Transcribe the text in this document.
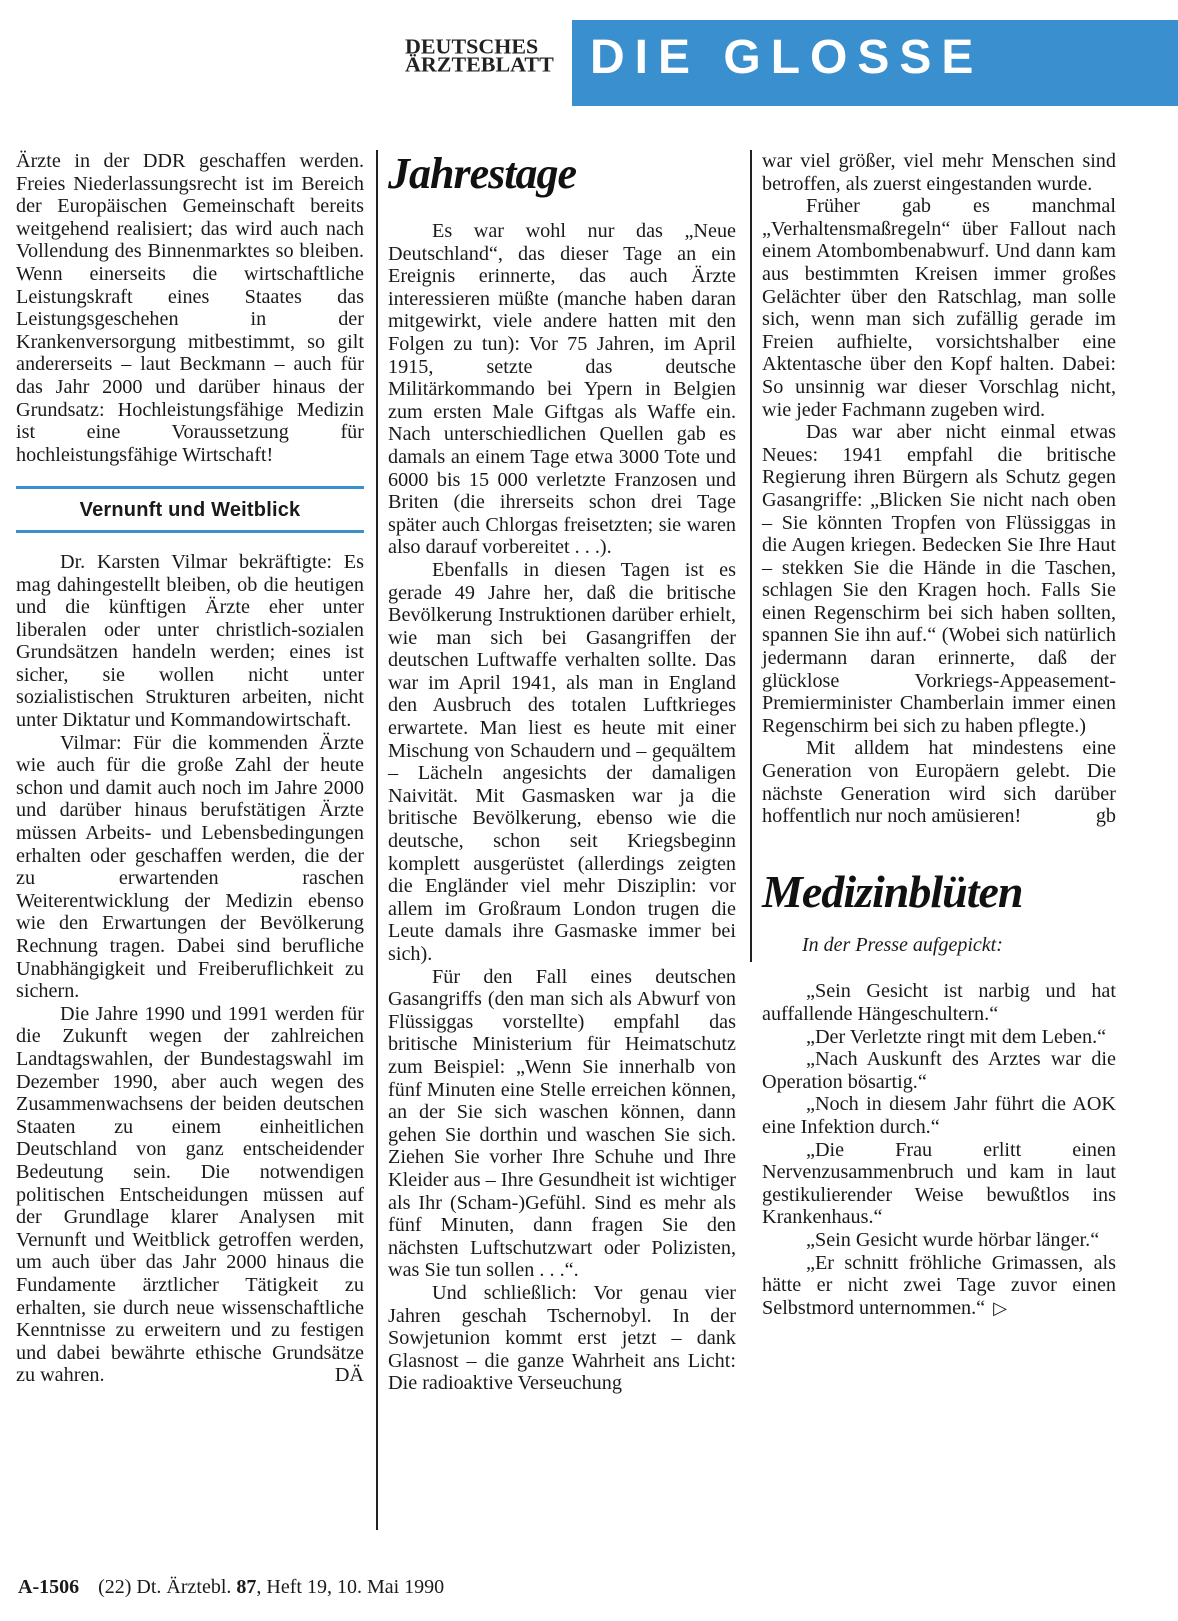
DEUTSCHES
ÄRZTEBLATT DIE GLOSSE

Ärzte in der DDR geschaffen werden. Freies Niederlassungsrecht ist im Bereich der Europäischen Gemeinschaft bereits weitgehend realisiert; das wird auch nach Vollendung des Binnenmarktes so bleiben. Wenn einerseits die wirtschaftliche Leistungskraft eines Staates das Leistungsgeschehen in der Krankenversorgung mitbestimmt, so gilt andererseits – laut Beckmann – auch für das Jahr 2000 und darüber hinaus der Grundsatz: Hochleistungsfähige Medizin ist eine Voraussetzung für hochleistungsfähige Wirtschaft!

Vernunft und Weitblick

Dr. Karsten Vilmar bekräftigte: Es mag dahingestellt bleiben, ob die heutigen und die künftigen Ärzte eher unter liberalen oder unter christlich-sozialen Grundsätzen handeln werden; eines ist sicher, sie wollen nicht unter sozialistischen Strukturen arbeiten, nicht unter Diktatur und Kommandowirtschaft.

Vilmar: Für die kommenden Ärzte wie auch für die große Zahl der heute schon und damit auch noch im Jahre 2000 und darüber hinaus berufstätigen Ärzte müssen Arbeits- und Lebensbedingungen erhalten oder geschaffen werden, die der zu erwartenden raschen Weiterentwicklung der Medizin ebenso wie den Erwartungen der Bevölkerung Rechnung tragen. Dabei sind berufliche Unabhängigkeit und Freiberuflichkeit zu sichern.

Die Jahre 1990 und 1991 werden für die Zukunft wegen der zahlreichen Landtagswahlen, der Bundestagswahl im Dezember 1990, aber auch wegen des Zusammenwachsens der beiden deutschen Staaten zu einem einheitlichen Deutschland von ganz entscheidender Bedeutung sein. Die notwendigen politischen Entscheidungen müssen auf der Grundlage klarer Analysen mit Vernunft und Weitblick getroffen werden, um auch über das Jahr 2000 hinaus die Fundamente ärztlicher Tätigkeit zu erhalten, sie durch neue wissenschaftliche Kenntnisse zu erweitern und zu festigen und dabei bewährte ethische Grundsätze zu wahren.	DÄ

Jahrestage

Es war wohl nur das „Neue Deutschland“, das dieser Tage an ein Ereignis erinnerte, das auch Ärzte interessieren müßte (manche haben daran mitgewirkt, viele andere hatten mit den Folgen zu tun): Vor 75 Jahren, im April 1915, setzte das deutsche Militärkommando bei Ypern in Belgien zum ersten Male Giftgas als Waffe ein. Nach unterschiedlichen Quellen gab es damals an einem Tage etwa 3000 Tote und 6000 bis 15 000 verletzte Franzosen und Briten (die ihrerseits schon drei Tage später auch Chlorgas freisetzten; sie waren also darauf vorbereitet . . .).

Ebenfalls in diesen Tagen ist es gerade 49 Jahre her, daß die britische Bevölkerung Instruktionen darüber erhielt, wie man sich bei Gasangriffen der deutschen Luftwaffe verhalten sollte. Das war im April 1941, als man in England den Ausbruch des totalen Luftkrieges erwartete. Man liest es heute mit einer Mischung von Schaudern und – gequältem – Lächeln angesichts der damaligen Naivität. Mit Gasmasken war ja die britische Bevölkerung, ebenso wie die deutsche, schon seit Kriegsbeginn komplett ausgerüstet (allerdings zeigten die Engländer viel mehr Disziplin: vor allem im Großraum London trugen die Leute damals ihre Gasmaske immer bei sich).

Für den Fall eines deutschen Gasangriffs (den man sich als Abwurf von Flüssiggas vorstellte) empfahl das britische Ministerium für Heimatschutz zum Beispiel: „Wenn Sie innerhalb von fünf Minuten eine Stelle erreichen können, an der Sie sich waschen können, dann gehen Sie dorthin und waschen Sie sich. Ziehen Sie vorher Ihre Schuhe und Ihre Kleider aus – Ihre Gesundheit ist wichtiger als Ihr (Scham-)Gefühl. Sind es mehr als fünf Minuten, dann fragen Sie den nächsten Luftschutzwart oder Polizisten, was Sie tun sollen . . .“.

Und schließlich: Vor genau vier Jahren geschah Tschernobyl. In der Sowjetunion kommt erst jetzt – dank Glasnost – die ganze Wahrheit ans Licht: Die radioaktive Verseuchung

war viel größer, viel mehr Menschen sind betroffen, als zuerst eingestanden wurde.

Früher gab es manchmal „Verhaltensmaßregeln“ über Fallout nach einem Atombombenabwurf. Und dann kam aus bestimmten Kreisen immer großes Gelächter über den Ratschlag, man solle sich, wenn man sich zufällig gerade im Freien aufhielte, vorsichtshalber eine Aktentasche über den Kopf halten. Dabei: So unsinnig war dieser Vorschlag nicht, wie jeder Fachmann zugeben wird.

Das war aber nicht einmal etwas Neues: 1941 empfahl die britische Regierung ihren Bürgern als Schutz gegen Gasangriffe: „Blicken Sie nicht nach oben – Sie könnten Tropfen von Flüssiggas in die Augen kriegen. Bedecken Sie Ihre Haut – stekken Sie die Hände in die Taschen, schlagen Sie den Kragen hoch. Falls Sie einen Regenschirm bei sich haben sollten, spannen Sie ihn auf.“ (Wobei sich natürlich jedermann daran erinnerte, daß der glücklose Vorkriegs-Appeasement-Premierminister Chamberlain immer einen Regenschirm bei sich zu haben pflegte.)

Mit alldem hat mindestens eine Generation von Europäern gelebt. Die nächste Generation wird sich darüber hoffentlich nur noch amüsieren!	gb

Medizinblüten
In der Presse aufgepickt:

„Sein Gesicht ist narbig und hat auffallende Hängeschultern.“

„Der Verletzte ringt mit dem Leben.“

„Nach Auskunft des Arztes war die Operation bösartig.“

„Noch in diesem Jahr führt die AOK eine Infektion durch.“

„Die Frau erlitt einen Nervenzusammenbruch und kam in laut gestikulierender Weise bewußtlos ins Krankenhaus.“

„Sein Gesicht wurde hörbar länger.“

„Er schnitt fröhliche Grimassen, als hätte er nicht zwei Tage zuvor einen Selbstmord unternommen.“ ▷

A-1506 (22) Dt. Ärztebl. 87, Heft 19, 10. Mai 1990
